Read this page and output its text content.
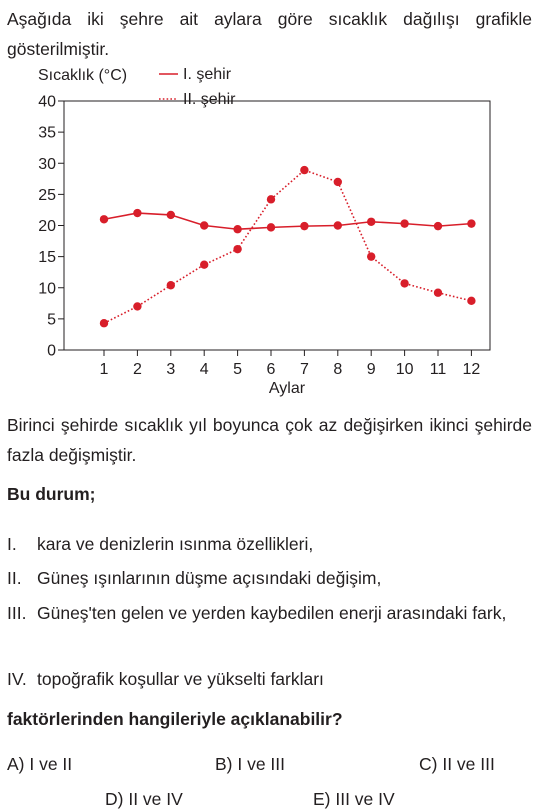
Aşağıda iki şehre ait aylara göre sıcaklık dağılışı grafikle gösterilmiştir.
0
5
10
15
20
25
30
35
40
1 2 3 4 5 6 7 8 9 10 11 12
I. şehir
II. şehir
Sıcaklık (°C)
Aylar
Birinci şehirde sıcaklık yıl boyunca çok az değişirken ikinci şehirde fazla değişmiştir.
Bu durum;
I.	kara ve denizlerin ısınma özellikleri,
II. Güneş ışınlarının düşme açısındaki değişim,
III. Güneş'ten gelen ve yerden kaybedilen enerji arasındaki fark,
IV. topoğrafik koşullar ve yükselti farkları
faktörlerinden hangileriyle açıklanabilir?
A) I ve II	B) I ve III	C) II ve III
D) II ve IV	E) III ve IV
